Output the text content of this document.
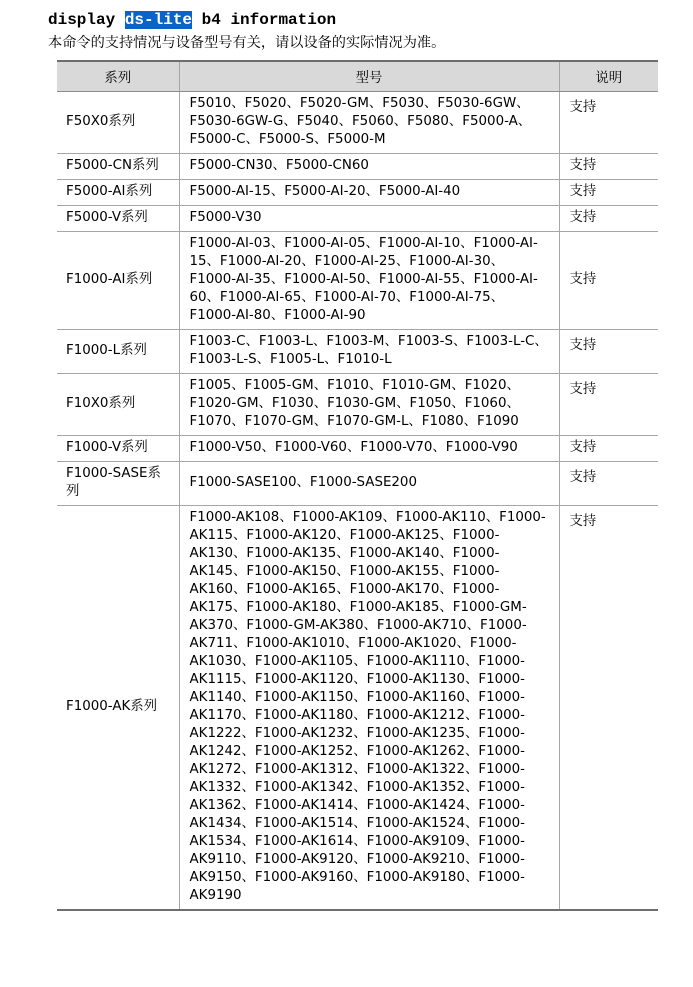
display ds-lite b4 information
本命令的支持情况与设备型号有关，请以设备的实际情况为准。
系列	型号	说明
F50X0系列	F5010、F5020、F5020-GM、F5030、F5030-6GW、F5030-6GW-G、F5040、F5060、F5080、F5000-A、F5000-C、F5000-S、F5000-M	支持
F5000-CN系列	F5000-CN30、F5000-CN60	支持
F5000-AI系列	F5000-AI-15、F5000-AI-20、F5000-AI-40	支持
F5000-V系列	F5000-V30	支持
F1000-AI系列	F1000-AI-03、F1000-AI-05、F1000-AI-10、F1000-AI-15、F1000-AI-20、F1000-AI-25、F1000-AI-30、F1000-AI-35、F1000-AI-50、F1000-AI-55、F1000-AI-60、F1000-AI-65、F1000-AI-70、F1000-AI-75、F1000-AI-80、F1000-AI-90	支持
F1000-L系列	F1003-C、F1003-L、F1003-M、F1003-S、F1003-L-C、F1003-L-S、F1005-L、F1010-L	支持
F10X0系列	F1005、F1005-GM、F1010、F1010-GM、F1020、F1020-GM、F1030、F1030-GM、F1050、F1060、F1070、F1070-GM、F1070-GM-L、F1080、F1090	支持
F1000-V系列	F1000-V50、F1000-V60、F1000-V70、F1000-V90	支持
F1000-SASE系列	F1000-SASE100、F1000-SASE200	支持
F1000-AK系列	F1000-AK108、F1000-AK109、F1000-AK110、F1000-AK115、F1000-AK120、F1000-AK125、F1000-AK130、F1000-AK135、F1000-AK140、F1000-AK145、F1000-AK150、F1000-AK155、F1000-AK160、F1000-AK165、F1000-AK170、F1000-AK175、F1000-AK180、F1000-AK185、F1000-GM-AK370、F1000-GM-AK380、F1000-AK710、F1000-AK711、F1000-AK1010、F1000-AK1020、F1000-AK1030、F1000-AK1105、F1000-AK1110、F1000-AK1115、F1000-AK1120、F1000-AK1130、F1000-AK1140、F1000-AK1150、F1000-AK1160、F1000-AK1170、F1000-AK1180、F1000-AK1212、F1000-AK1222、F1000-AK1232、F1000-AK1235、F1000-AK1242、F1000-AK1252、F1000-AK1262、F1000-AK1272、F1000-AK1312、F1000-AK1322、F1000-AK1332、F1000-AK1342、F1000-AK1352、F1000-AK1362、F1000-AK1414、F1000-AK1424、F1000-AK1434、F1000-AK1514、F1000-AK1524、F1000-AK1534、F1000-AK1614、F1000-AK9109、F1000-AK9110、F1000-AK9120、F1000-AK9210、F1000-AK9150、F1000-AK9160、F1000-AK9180、F1000-AK9190	支持
